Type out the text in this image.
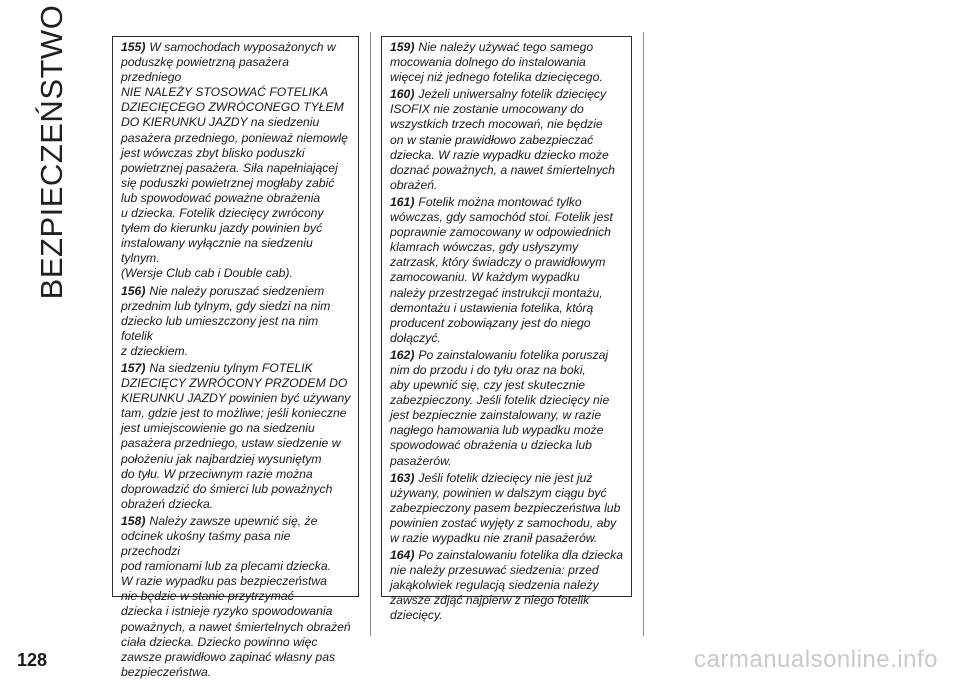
BEZPIECZEŃSTWO	155) W samochodach wyposażonych w
poduszkę powietrzną pasażera przedniego
NIE NALEŻY STOSOWAĆ FOTELIKA
DZIECIĘCEGO ZWRÓCONEGO TYŁEM
DO KIERUNKU JAZDY na siedzeniu
pasażera przedniego, ponieważ niemowlę
jest wówczas zbyt blisko poduszki
powietrznej pasażera. Siła napełniającej
się poduszki powietrznej mogłaby zabić
lub spowodować poważne obrażenia
u dziecka. Fotelik dziecięcy zwrócony
tyłem do kierunku jazdy powinien być
instalowany wyłącznie na siedzeniu tylnym.
(Wersje Club cab i Double cab).

156) Nie należy poruszać siedzeniem
przednim lub tylnym, gdy siedzi na nim
dziecko lub umieszczony jest na nim fotelik
z dzieckiem.

157) Na siedzeniu tylnym FOTELIK
DZIECIĘCY ZWRÓCONY PRZODEM DO
KIERUNKU JAZDY powinien być używany
tam, gdzie jest to możliwe; jeśli konieczne
jest umiejscowienie go na siedzeniu
pasażera przedniego, ustaw siedzenie w
położeniu jak najbardziej wysuniętym
do tyłu. W przeciwnym razie można
doprowadzić do śmierci lub poważnych
obrażeń dziecka.

158) Należy zawsze upewnić się, że
odcinek ukośny taśmy pasa nie przechodzi
pod ramionami lub za plecami dziecka.
W razie wypadku pas bezpieczeństwa
nie będzie w stanie przytrzymać
dziecka i istnieje ryzyko spowodowania
poważnych, a nawet śmiertelnych obrażeń
ciała dziecka. Dziecko powinno więc
zawsze prawidłowo zapinać własny pas
bezpieczeństwa.

159) Nie należy używać tego samego
mocowania dolnego do instalowania
więcej niż jednego fotelika dziecięcego.

160) Jeżeli uniwersalny fotelik dziecięcy
ISOFIX nie zostanie umocowany do
wszystkich trzech mocowań, nie będzie
on w stanie prawidłowo zabezpieczać
dziecka. W razie wypadku dziecko może
doznać poważnych, a nawet śmiertelnych
obrażeń.

161) Fotelik można montować tylko
wówczas, gdy samochód stoi. Fotelik jest
poprawnie zamocowany w odpowiednich
klamrach wówczas, gdy usłyszymy
zatrzask, który świadczy o prawidłowym
zamocowaniu. W każdym wypadku
należy przestrzegać instrukcji montażu,
demontażu i ustawienia fotelika, którą
producent zobowiązany jest do niego
dołączyć.

162) Po zainstalowaniu fotelika poruszaj
nim do przodu i do tyłu oraz na boki,
aby upewnić się, czy jest skutecznie
zabezpieczony. Jeśli fotelik dziecięcy nie
jest bezpiecznie zainstalowany, w razie
nagłego hamowania lub wypadku może
spowodować obrażenia u dziecka lub
pasażerów.

163) Jeśli fotelik dziecięcy nie jest już
używany, powinien w dalszym ciągu być
zabezpieczony pasem bezpieczeństwa lub
powinien zostać wyjęty z samochodu, aby
w razie wypadku nie zranił pasażerów.

164) Po zainstalowaniu fotelika dla dziecka
nie należy przesuwać siedzenia: przed
jakąkolwiek regulacją siedzenia należy
zawsze zdjąć najpierw z niego fotelik
dziecięcy.

128	carmanualsonline.info
